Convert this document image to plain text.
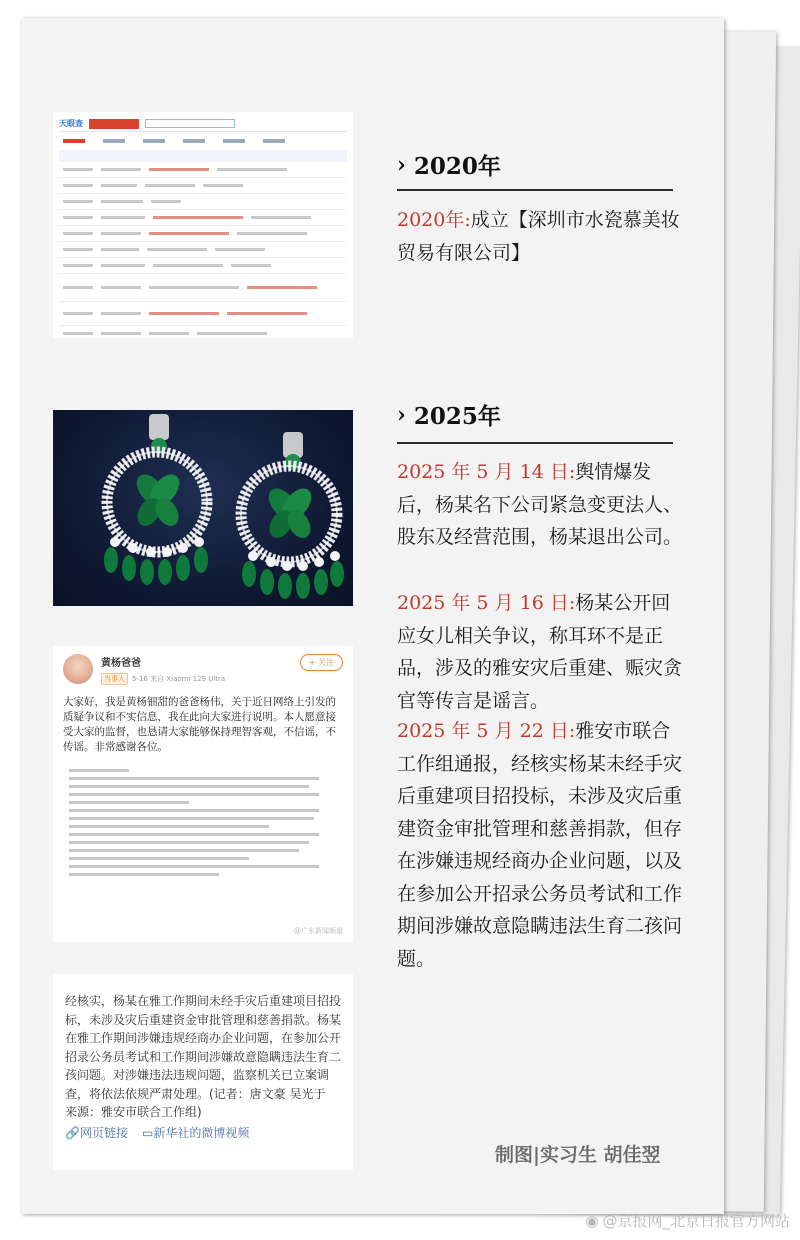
天眼查
黄杨爸爸
当事人	5-16 来自 Xiaomi 12S Ultra
+ 关注
大家好，我是黄杨钿甜的爸爸杨伟，关于近日网络上引发的质疑争议和不实信息，我在此向大家进行说明。本人愿意接受大家的监督，也恳请大家能够保持理智客观，不信谣，不传谣。非常感谢各位。
@广东新闻频道
经核实，杨某在雅工作期间未经手灾后重建项目招投标，未涉及灾后重建资金审批管理和慈善捐款。杨某在雅工作期间涉嫌违规经商办企业问题，在参加公开招录公务员考试和工作期间涉嫌故意隐瞒违法生育二孩问题。对涉嫌违法违规问题，监察机关已立案调查，将依法依规严肃处理。(记者：唐文豪 吴光于 来源：雅安市联合工作组)
🔗网页链接 ▭新华社的微博视频
› 2020年
2020年:成立【深圳市水瓷慕美妆贸易有限公司】
› 2025年
2025 年 5 月 14 日:舆情爆发后，杨某名下公司紧急变更法人、股东及经营范围，杨某退出公司。
2025 年 5 月 16 日:杨某公开回应女儿相关争议，称耳环不是正品，涉及的雅安灾后重建、赈灾贪官等传言是谣言。
2025 年 5 月 22 日:雅安市联合工作组通报，经核实杨某未经手灾后重建项目招投标，未涉及灾后重建资金审批管理和慈善捐款，但存在涉嫌违规经商办企业问题，以及在参加公开招录公务员考试和工作期间涉嫌故意隐瞒违法生育二孩问题。
制图|实习生 胡佳翌
◉ @京报网_北京日报官方网站
